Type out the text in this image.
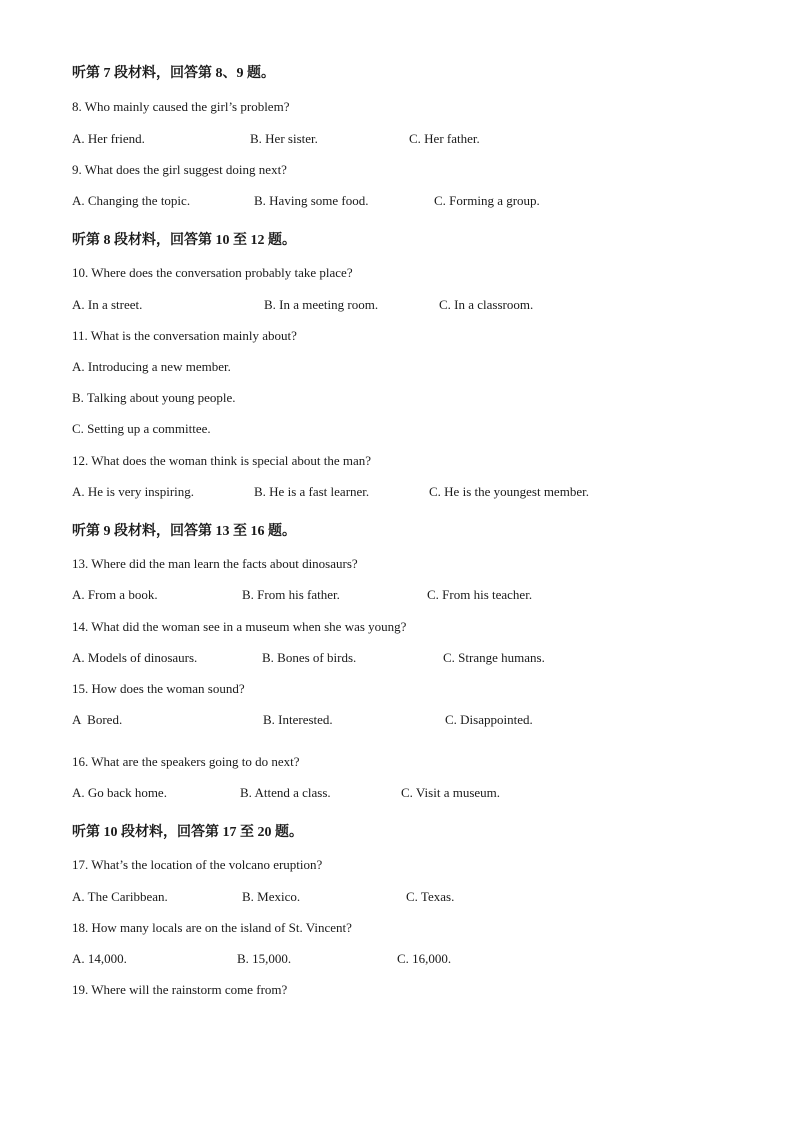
听第 7 段材料，回答第 8、9 题。
8. Who mainly caused the girl’s problem?
A. Her friend.	B. Her sister.	C. Her father.
9. What does the girl suggest doing next?
A. Changing the topic.	B. Having some food.	C. Forming a group.
听第 8 段材料，回答第 10 至 12 题。
10. Where does the conversation probably take place?
A. In a street.	B. In a meeting room.	C. In a classroom.
11. What is the conversation mainly about?
A. Introducing a new member.
B. Talking about young people.
C. Setting up a committee.
12. What does the woman think is special about the man?
A. He is very inspiring.	B. He is a fast learner.	C. He is the youngest member.
听第 9 段材料，回答第 13 至 16 题。
13. Where did the man learn the facts about dinosaurs?
A. From a book.	B. From his father.	C. From his teacher.
14. What did the woman see in a museum when she was young?
A. Models of dinosaurs.	B. Bones of birds.	C. Strange humans.
15. How does the woman sound?
A  Bored.	B. Interested.	C. Disappointed.
16. What are the speakers going to do next?
A. Go back home.	B. Attend a class.	C. Visit a museum.
听第 10 段材料，回答第 17 至 20 题。
17. What’s the location of the volcano eruption?
A. The Caribbean.	B. Mexico.	C. Texas.
18. How many locals are on the island of St. Vincent?
A. 14,000.	B. 15,000.	C. 16,000.
19. Where will the rainstorm come from?
